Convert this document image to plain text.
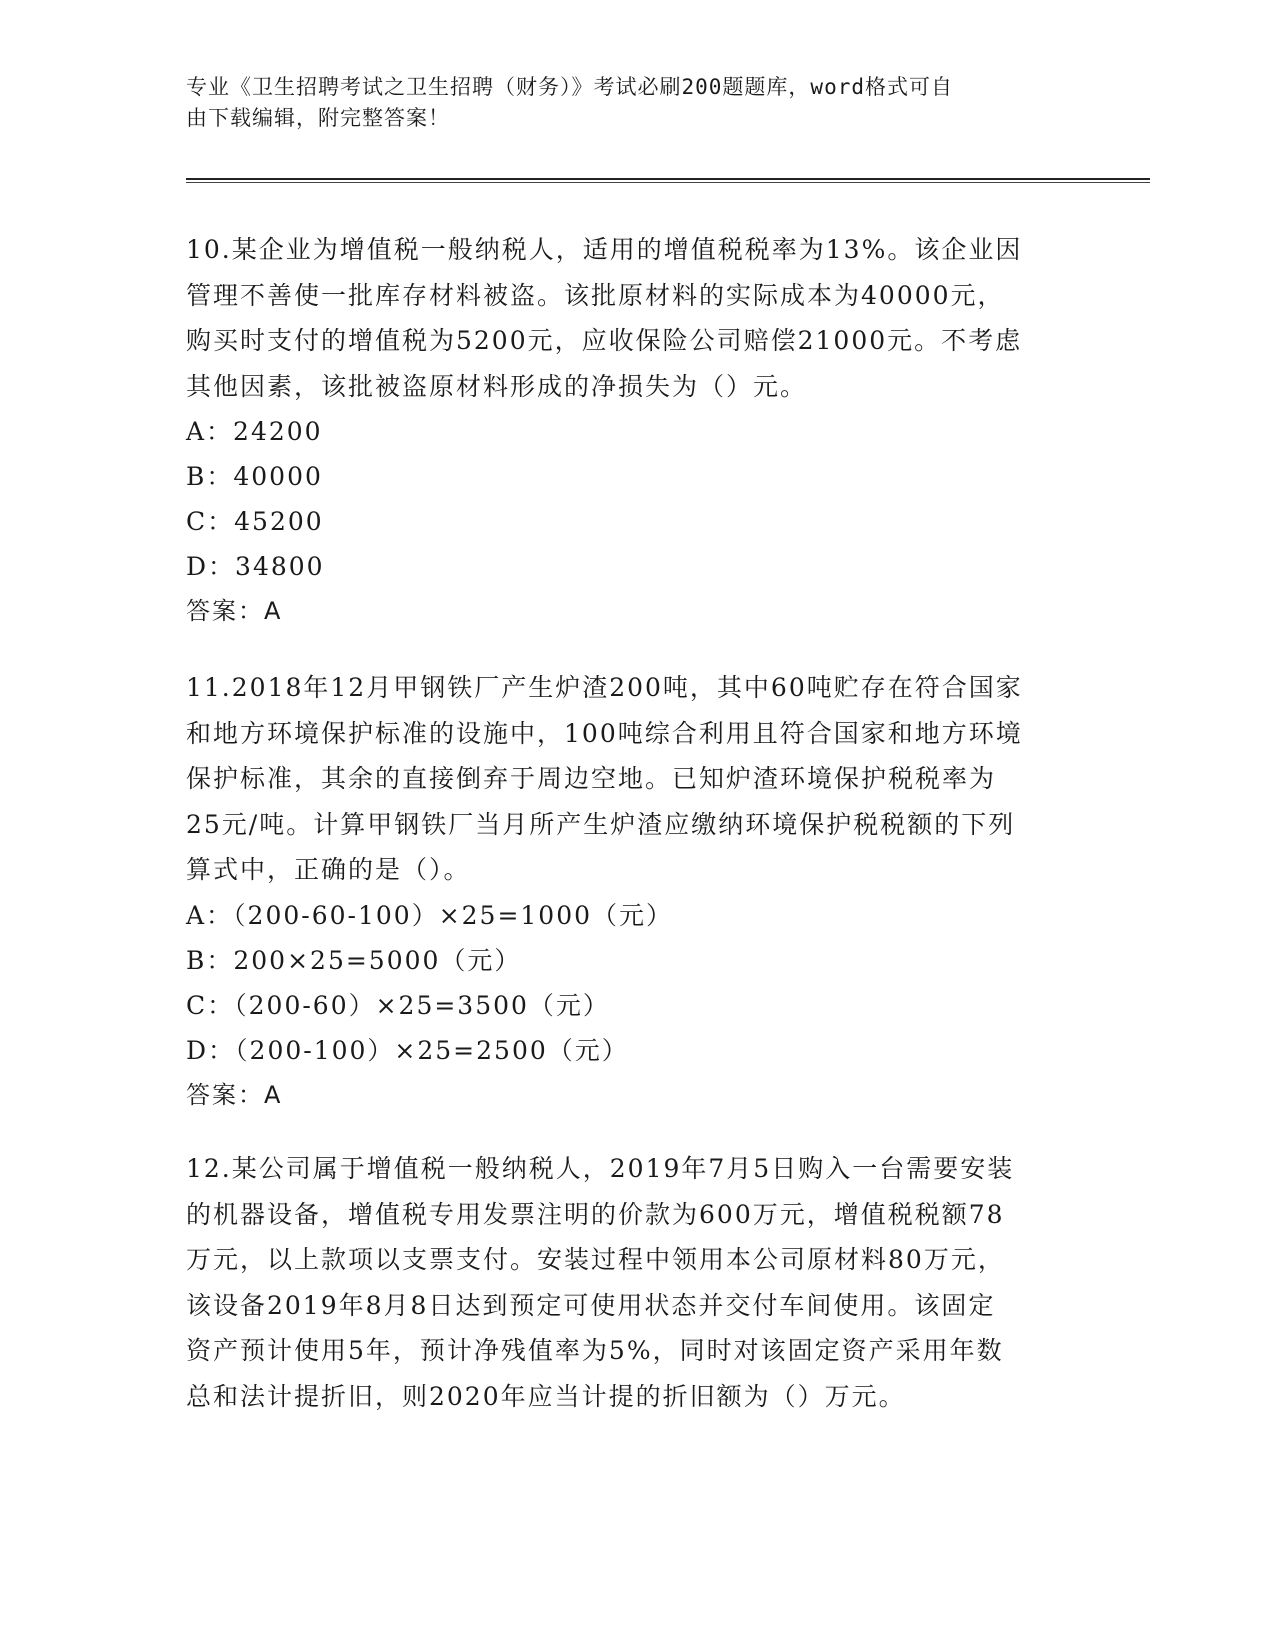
专业《卫生招聘考试之卫生招聘（财务）》考试必刷200题题库，word格式可自
由下载编辑，附完整答案！
10.某企业为增值税一般纳税人，适用的增值税税率为13%。该企业因
管理不善使一批库存材料被盗。该批原材料的实际成本为40000元，
购买时支付的增值税为5200元，应收保险公司赔偿21000元。不考虑
其他因素，该批被盗原材料形成的净损失为（）元。
A：24200
B：40000
C：45200
D：34800
答案：A
11.2018年12月甲钢铁厂产生炉渣200吨，其中60吨贮存在符合国家
和地方环境保护标准的设施中，100吨综合利用且符合国家和地方环境
保护标准，其余的直接倒弃于周边空地。已知炉渣环境保护税税率为
25元/吨。计算甲钢铁厂当月所产生炉渣应缴纳环境保护税税额的下列
算式中，正确的是（）。
A：（200-60-100）×25=1000（元）
B：200×25=5000（元）
C：（200-60）×25=3500（元）
D：（200-100）×25=2500（元）
答案：A
12.某公司属于增值税一般纳税人，2019年7月5日购入一台需要安装
的机器设备，增值税专用发票注明的价款为600万元，增值税税额78
万元，以上款项以支票支付。安装过程中领用本公司原材料80万元，
该设备2019年8月8日达到预定可使用状态并交付车间使用。该固定
资产预计使用5年，预计净残值率为5%，同时对该固定资产采用年数
总和法计提折旧，则2020年应当计提的折旧额为（）万元。
